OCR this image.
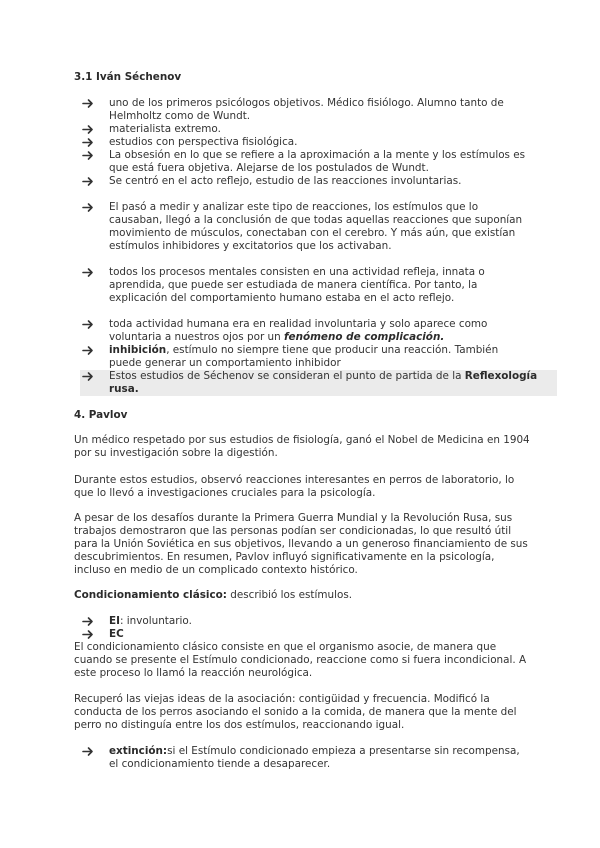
3.1 Iván Séchenov
uno de los primeros psicólogos objetivos. Médico fisiólogo. Alumno tanto de Helmholtz como de Wundt.
materialista extremo.
estudios con perspectiva fisiológica.
La obsesión en lo que se refiere a la aproximación a la mente y los estímulos es que está fuera objetiva. Alejarse de los postulados de Wundt.
Se centró en el acto reflejo, estudio de las reacciones involuntarias.
El pasó a medir y analizar este tipo de reacciones, los estímulos que lo causaban, llegó a la conclusión de que todas aquellas reacciones que suponían movimiento de músculos, conectaban con el cerebro. Y más aún, que existían estímulos inhibidores y excitatorios que los activaban.
todos los procesos mentales consisten en una actividad refleja, innata o aprendida, que puede ser estudiada de manera científica. Por tanto, la explicación del comportamiento humano estaba en el acto reflejo.
toda actividad humana era en realidad involuntaria y solo aparece como voluntaria a nuestros ojos por un fenómeno de complicación.
inhibición, estímulo no siempre tiene que producir una reacción. También puede generar un comportamiento inhibidor
Estos estudios de Séchenov se consideran el punto de partida de la Reflexología rusa.
4. Pavlov

Un médico respetado por sus estudios de fisiología, ganó el Nobel de Medicina en 1904 por su investigación sobre la digestión.

Durante estos estudios, observó reacciones interesantes en perros de laboratorio, lo que lo llevó a investigaciones cruciales para la psicología.

A pesar de los desafíos durante la Primera Guerra Mundial y la Revolución Rusa, sus trabajos demostraron que las personas podían ser condicionadas, lo que resultó útil para la Unión Soviética en sus objetivos, llevando a un generoso financiamiento de sus descubrimientos. En resumen, Pavlov influyó significativamente en la psicología, incluso en medio de un complicado contexto histórico.

Condicionamiento clásico: describió los estímulos.

EI: involuntario.
EC

El condicionamiento clásico consiste en que el organismo asocie, de manera que cuando se presente el Estímulo condicionado, reaccione como si fuera incondicional. A este proceso lo llamó la reacción neurológica.

Recuperó las viejas ideas de la asociación: contigüidad y frecuencia. Modificó la conducta de los perros asociando el sonido a la comida, de manera que la mente del perro no distinguía entre los dos estímulos, reaccionando igual.

extinción:si el Estímulo condicionado empieza a presentarse sin recompensa, el condicionamiento tiende a desaparecer.
